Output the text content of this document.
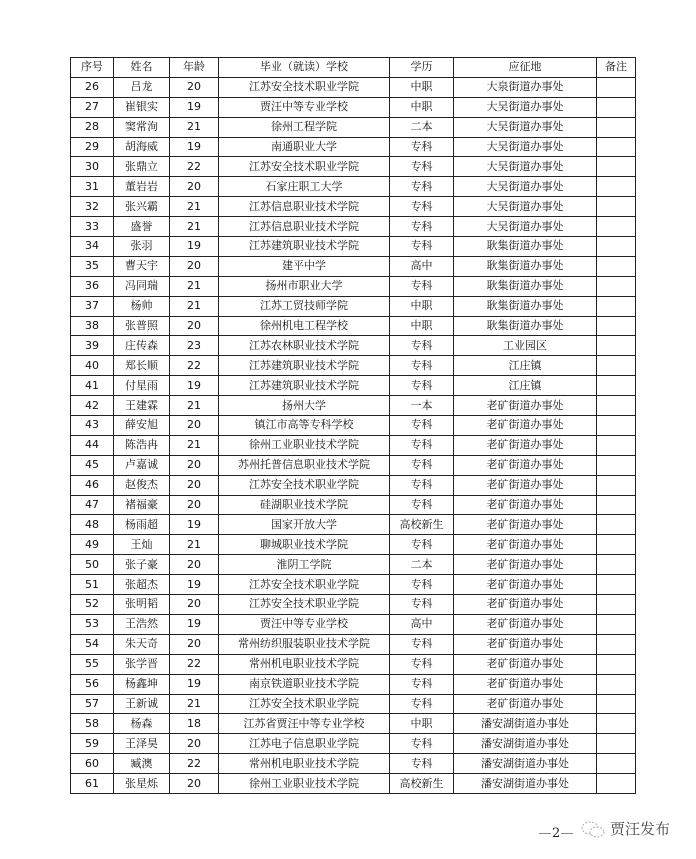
序号	姓名	年龄	毕业（就读）学校	学历	应征地	备注
26	吕龙	20	江苏安全技术职业学院	中职	大泉街道办事处	
27	崔银实	19	贾汪中等专业学校	中职	大吴街道办事处	
28	窦常洵	21	徐州工程学院	二本	大吴街道办事处	
29	胡海威	19	南通职业大学	专科	大吴街道办事处	
30	张鼎立	22	江苏安全技术职业学院	专科	大吴街道办事处	
31	董岩岩	20	石家庄职工大学	专科	大吴街道办事处	
32	张兴霸	21	江苏信息职业技术学院	专科	大吴街道办事处	
33	盛誉	21	江苏信息职业技术学院	专科	大吴街道办事处	
34	张羽	19	江苏建筑职业技术学院	专科	耿集街道办事处	
35	曹天宇	20	建平中学	高中	耿集街道办事处	
36	冯同瑞	21	扬州市职业大学	专科	耿集街道办事处	
37	杨帅	21	江苏工贸技师学院	中职	耿集街道办事处	
38	张普照	20	徐州机电工程学校	中职	耿集街道办事处	
39	庄传森	23	江苏农林职业技术学院	专科	工业园区	
40	郑长顺	22	江苏建筑职业技术学院	专科	江庄镇	
41	付星雨	19	江苏建筑职业技术学院	专科	江庄镇	
42	王建霖	21	扬州大学	一本	老矿街道办事处	
43	薛安旭	20	镇江市高等专科学校	专科	老矿街道办事处	
44	陈浩冉	21	徐州工业职业技术学院	专科	老矿街道办事处	
45	卢嘉诚	20	苏州托普信息职业技术学院	专科	老矿街道办事处	
46	赵俊杰	20	江苏安全技术职业学院	专科	老矿街道办事处	
47	褚福豪	20	硅湖职业技术学院	专科	老矿街道办事处	
48	杨雨超	19	国家开放大学	高校新生	老矿街道办事处	
49	王灿	21	聊城职业技术学院	专科	老矿街道办事处	
50	张子豪	20	淮阴工学院	二本	老矿街道办事处	
51	张超杰	19	江苏安全技术职业学院	专科	老矿街道办事处	
52	张明韬	20	江苏安全技术职业学院	专科	老矿街道办事处	
53	王浩然	19	贾汪中等专业学校	高中	老矿街道办事处	
54	朱天奇	20	常州纺织服装职业技术学院	专科	老矿街道办事处	
55	张学晋	22	常州机电职业技术学院	专科	老矿街道办事处	
56	杨鑫坤	19	南京铁道职业技术学院	专科	老矿街道办事处	
57	王新诚	21	江苏安全技术职业学院	专科	老矿街道办事处	
58	杨森	18	江苏省贾汪中等专业学校	中职	潘安湖街道办事处	
59	王泽昊	20	江苏电子信息职业学院	专科	潘安湖街道办事处	
60	臧澳	22	常州机电职业技术学院	专科	潘安湖街道办事处	
61	张星烁	20	徐州工业职业技术学院	高校新生	潘安湖街道办事处	
2	贾汪发布
